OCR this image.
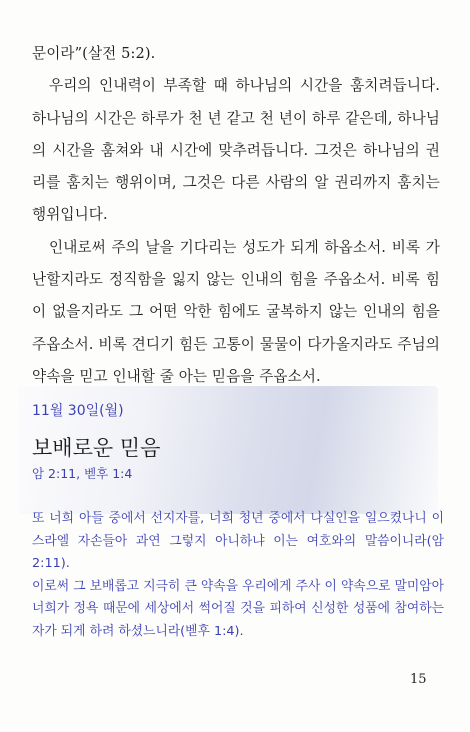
문이라”(살전 5:2).

우리의 인내력이 부족할 때 하나님의 시간을 훔치려듭니다. 하나님의 시간은 하루가 천 년 같고 천 년이 하루 같은데, 하나님의 시간을 훔쳐와 내 시간에 맞추려듭니다. 그것은 하나님의 권리를 훔치는 행위이며, 그것은 다른 사람의 알 권리까지 훔치는 행위입니다.

인내로써 주의 날을 기다리는 성도가 되게 하옵소서. 비록 가난할지라도 정직함을 잃지 않는 인내의 힘을 주옵소서. 비록 힘이 없을지라도 그 어떤 악한 힘에도 굴복하지 않는 인내의 힘을 주옵소서. 비록 견디기 힘든 고통이 물물이 다가올지라도 주님의 약속을 믿고 인내할 줄 아는 믿음을 주옵소서.

11월 30일(월)
보배로운 믿음
암 2:11, 벧후 1:4

또 너희 아들 중에서 선지자를, 너희 청년 중에서 나실인을 일으켰나니 이스라엘 자손들아 과연 그렇지 아니하냐 이는 여호와의 말씀이니라(암 2:11).

이로써 그 보배롭고 지극히 큰 약속을 우리에게 주사 이 약속으로 말미암아 너희가 정욕 때문에 세상에서 썩어질 것을 피하여 신성한 성품에 참여하는 자가 되게 하려 하셨느니라(벧후 1:4).

15
